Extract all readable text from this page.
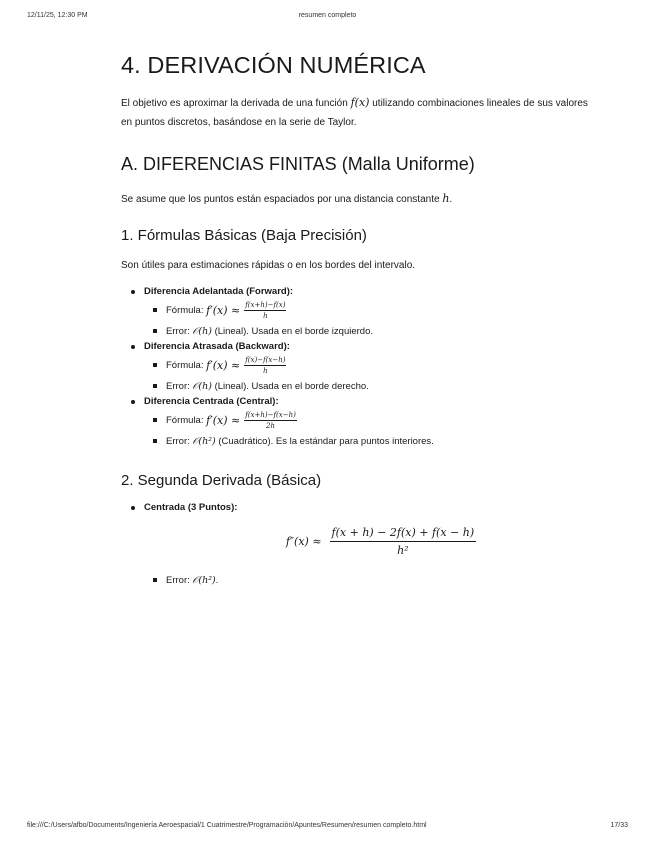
12/11/25, 12:30 PM	resumen completo
4. DERIVACIÓN NUMÉRICA

El objetivo es aproximar la derivada de una función f(x) utilizando combinaciones lineales de sus valores en puntos discretos, basándose en la serie de Taylor.

A. DIFERENCIAS FINITAS (Malla Uniforme)

Se asume que los puntos están espaciados por una distancia constante h.

1. Fórmulas Básicas (Baja Precisión)

Son útiles para estimaciones rápidas o en los bordes del intervalo.

Diferencia Adelantada (Forward):
Fórmula:
$f'(x) \approx \frac{f(x+h)-f(x)}{h}$
Error:
𝒪(h)
(Lineal). Usada en el borde izquierdo.
Diferencia Atrasada (Backward):
Fórmula:
$f'(x) \approx \frac{f(x)-f(x-h)}{h}$
Error:
𝒪(h)
(Lineal). Usada en el borde derecho.
Diferencia Centrada (Central):
Fórmula:
$f'(x) \approx \frac{f(x+h)-f(x-h)}{2h}$
Error:
𝒪(h²)
(Cuadrático). Es la estándar para puntos interiores.
2. Segunda Derivada (Básica)
Centrada (3 Puntos):
$f''(x) \approx \frac{f(x + h) - 2f(x) + f(x - h)}{\text{h²}}$
Error:
𝒪(h²) .
file:///C:/Users/afbo/Documents/Ingeniería Aeroespacial/1 Cuatrimestre/Programación/Apuntes/Resumen/resumen completo.html	17/33
